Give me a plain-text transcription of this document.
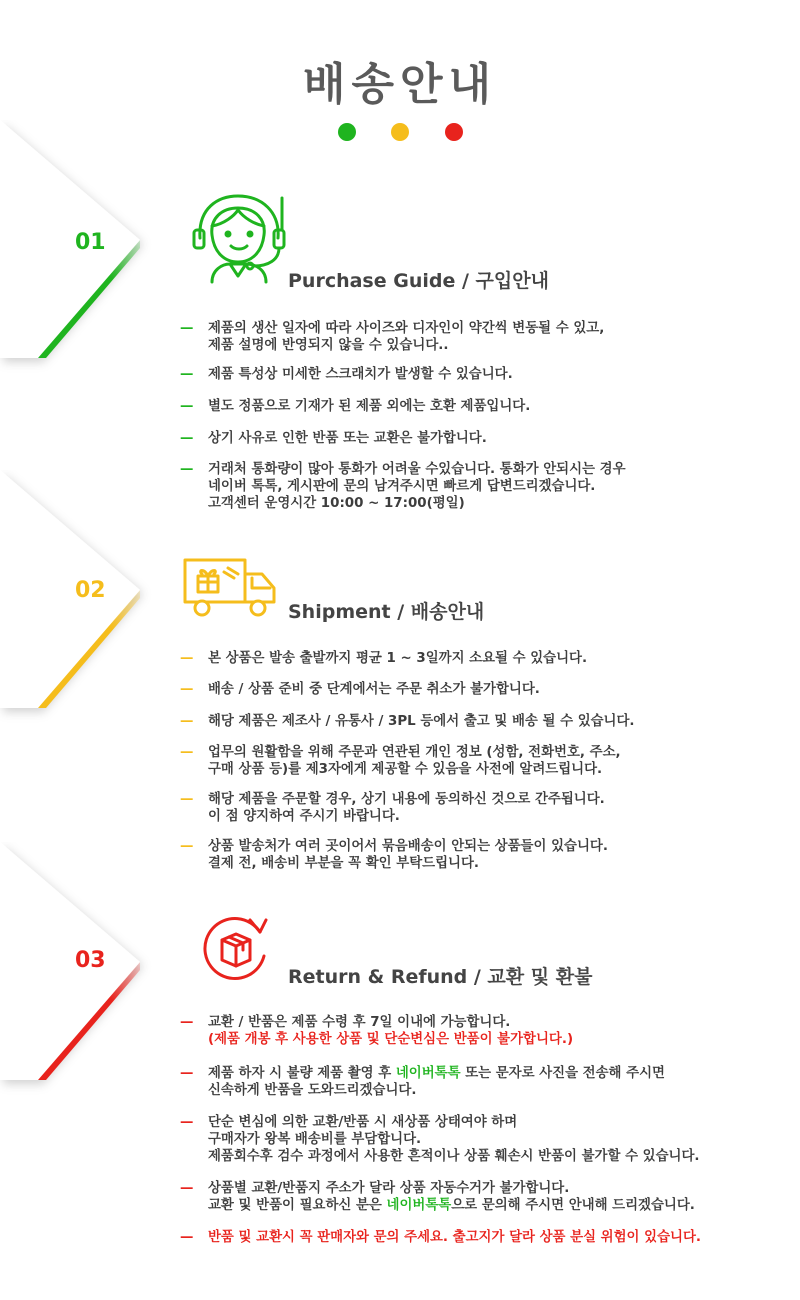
배송안내
01
Purchase Guide / 구입안내
— 제품의 생산 일자에 따라 사이즈와 디자인이 약간씩 변동될 수 있고,
제품 설명에 반영되지 않을 수 있습니다..
— 제품 특성상 미세한 스크래치가 발생할 수 있습니다.
— 별도 정품으로 기재가 된 제품 외에는 호환 제품입니다.
— 상기 사유로 인한 반품 또는 교환은 불가합니다.
— 거래처 통화량이 많아 통화가 어려울 수있습니다. 통화가 안되시는 경우
네이버 톡톡, 게시판에 문의 남겨주시면 빠르게 답변드리겠습니다.
고객센터 운영시간 10:00 ~ 17:00(평일)
02
Shipment / 배송안내
— 본 상품은 발송 출발까지 평균 1 ~ 3일까지 소요될 수 있습니다.
— 배송 / 상품 준비 중 단계에서는 주문 취소가 불가합니다.
— 해당 제품은 제조사 / 유통사 / 3PL 등에서 출고 및 배송 될 수 있습니다.
— 업무의 원활함을 위해 주문과 연관된 개인 정보 (성함, 전화번호, 주소,
구매 상품 등)를 제3자에게 제공할 수 있음을 사전에 알려드립니다.
— 해당 제품을 주문할 경우, 상기 내용에 동의하신 것으로 간주됩니다.
이 점 양지하여 주시기 바랍니다.
— 상품 발송처가 여러 곳이어서 묶음배송이 안되는 상품들이 있습니다.
결제 전, 배송비 부분을 꼭 확인 부탁드립니다.
03
Return & Refund / 교환 및 환불
— 교환 / 반품은 제품 수령 후 7일 이내에 가능합니다.
(제품 개봉 후 사용한 상품 및 단순변심은 반품이 불가합니다.)
— 제품 하자 시 불량 제품 촬영 후 네이버톡톡 또는 문자로 사진을 전송해 주시면
신속하게 반품을 도와드리겠습니다.
— 단순 변심에 의한 교환/반품 시 새상품 상태여야 하며
구매자가 왕복 배송비를 부담합니다.
제품회수후 검수 과정에서 사용한 흔적이나 상품 훼손시 반품이 불가할 수 있습니다.
— 상품별 교환/반품지 주소가 달라 상품 자동수거가 불가합니다.
교환 및 반품이 필요하신 분은 네이버톡톡으로 문의해 주시면 안내해 드리겠습니다.
— 반품 및 교환시 꼭 판매자와 문의 주세요. 출고지가 달라 상품 분실 위험이 있습니다.
